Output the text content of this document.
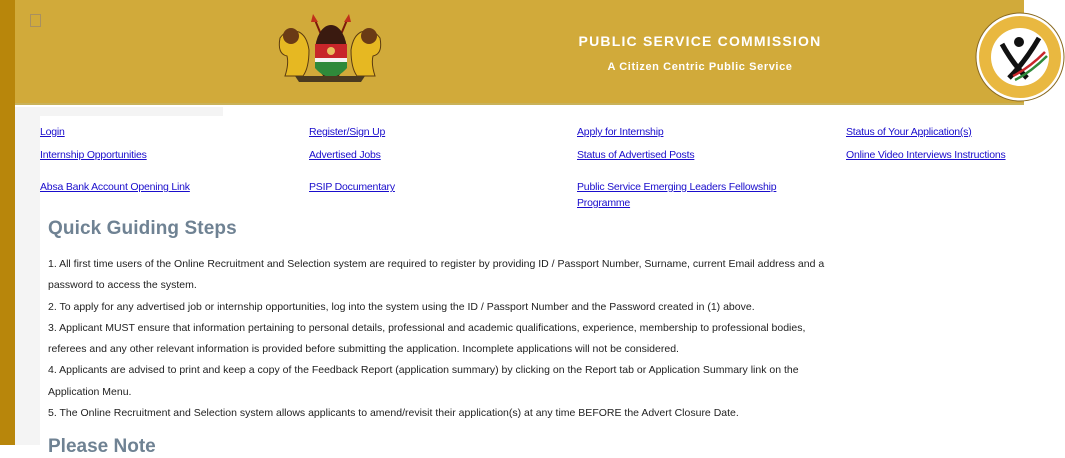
PUBLIC SERVICE COMMISSION
A Citizen Centric Public Service
Login	Register/Sign Up	Apply for Internship	Status of Your Application(s)
Internship Opportunities	Advertised Jobs	Status of Advertised Posts	Online Video Interviews Instructions
Absa Bank Account Opening Link	PSIP Documentary	Public Service Emerging Leaders Fellowship
Programme
Quick Guiding Steps

1. All first time users of the Online Recruitment and Selection system are required to register by providing ID / Passport Number, Surname, current Email address and a

password to access the system.

2. To apply for any advertised job or internship opportunities, log into the system using the ID / Passport Number and the Password created in (1) above.

3. Applicant MUST ensure that information pertaining to personal details, professional and academic qualifications, experience, membership to professional bodies,

referees and any other relevant information is provided before submitting the application. Incomplete applications will not be considered.

4. Applicants are advised to print and keep a copy of the Feedback Report (application summary) by clicking on the Report tab or Application Summary link on the

Application Menu.

5. The Online Recruitment and Selection system allows applicants to amend/revisit their application(s) at any time BEFORE the Advert Closure Date.

Please Note
